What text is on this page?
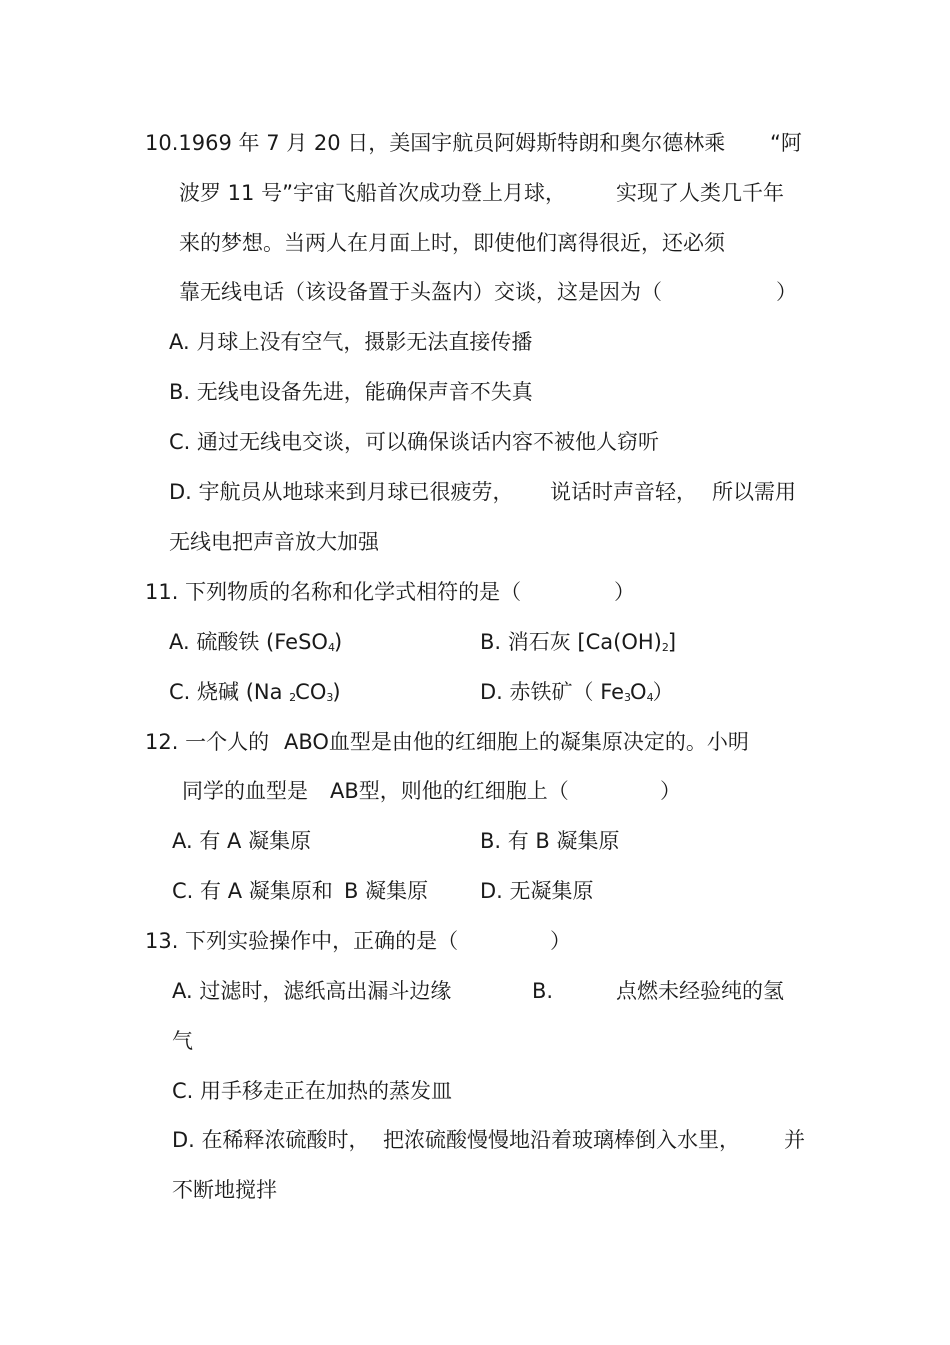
10.1969 年 7 月 20 日，美国宇航员阿姆斯特朗和奥尔德林乘 “阿
波罗 11 号”宇宙飞船首次成功登上月球， 实现了人类几千年
来的梦想。当两人在月面上时，即使他们离得很近，还必须
靠无线电话（该设备置于头盔内）交谈，这是因为（	）
A. 月球上没有空气，摄影无法直接传播
B. 无线电设备先进，能确保声音不失真
C. 通过无线电交谈，可以确保谈话内容不被他人窃听
D. 宇航员从地球来到月球已很疲劳， 说话时声音轻， 所以需用
无线电把声音放大加强
11. 下列物质的名称和化学式相符的是（	）
A. 硫酸铁 (FeSO$_4$)	B. 消石灰 $[Ca(OH)_2]$
C. 烧碱 (Na $_2CO_3$)	D. 赤铁矿（ $Fe_3O_4$）
12. 一个人的 ABO血型是由他的红细胞上的凝集原决定的。小明
同学的血型是 AB型，则他的红细胞上（	）
A. 有 A 凝集原	B. 有 B 凝集原
C. 有 A 凝集原和 B 凝集原 D. 无凝集原
13. 下列实验操作中，正确的是（	）
A. 过滤时，滤纸高出漏斗边缘	B.	点燃未经验纯的氢
气
C. 用手移走正在加热的蒸发皿
D. 在稀释浓硫酸时， 把浓硫酸慢慢地沿着玻璃棒倒入水里， 并
不断地搅拌
